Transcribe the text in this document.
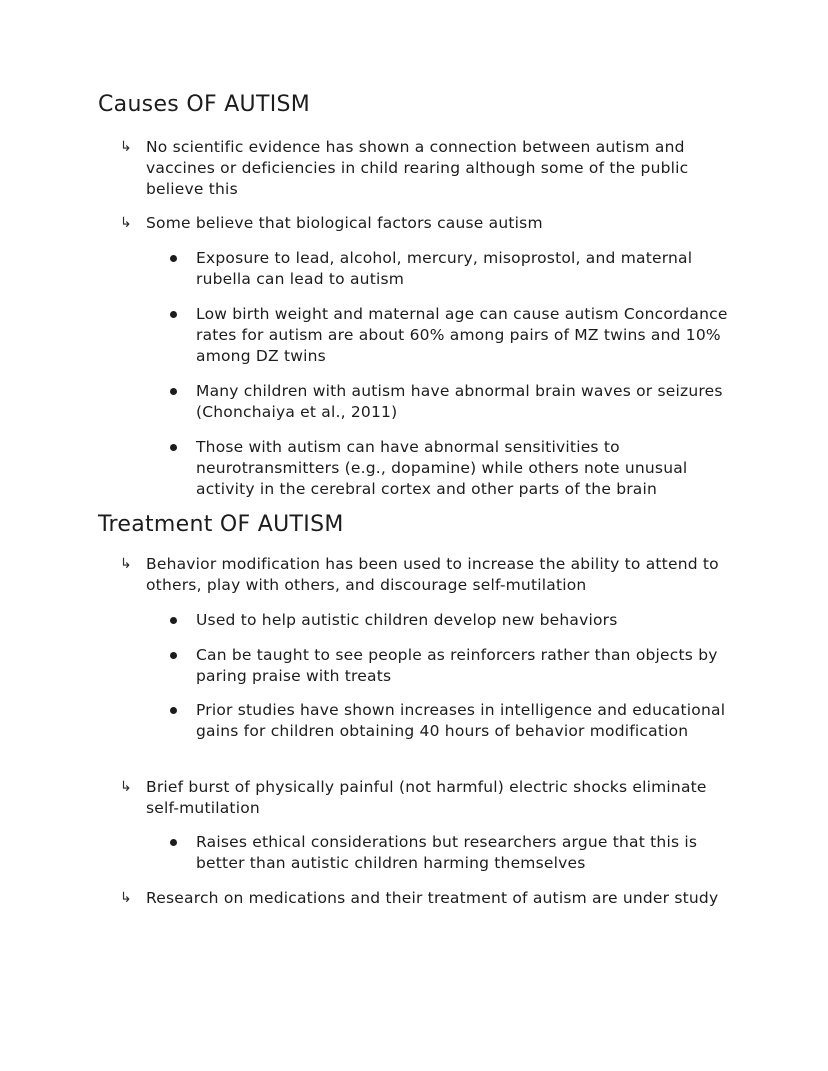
Causes OF AUTISM
↳ No scientific evidence has shown a connection between autism and vaccines or deficiencies in child rearing although some of the public believe this
↳ Some believe that biological factors cause autism
Exposure to lead, alcohol, mercury, misoprostol, and maternal rubella can lead to autism
Low birth weight and maternal age can cause autism Concordance rates for autism are about 60% among pairs of MZ twins and 10% among DZ twins
Many children with autism have abnormal brain waves or seizures (Chonchaiya et al., 2011)
Those with autism can have abnormal sensitivities to neurotransmitters (e.g., dopamine) while others note unusual activity in the cerebral cortex and other parts of the brain
Treatment OF AUTISM
↳ Behavior modification has been used to increase the ability to attend to others, play with others, and discourage self-mutilation
Used to help autistic children develop new behaviors
Can be taught to see people as reinforcers rather than objects by paring praise with treats
Prior studies have shown increases in intelligence and educational gains for children obtaining 40 hours of behavior modification
↳ Brief burst of physically painful (not harmful) electric shocks eliminate self-mutilation
Raises ethical considerations but researchers argue that this is better than autistic children harming themselves
↳ Research on medications and their treatment of autism are under study
